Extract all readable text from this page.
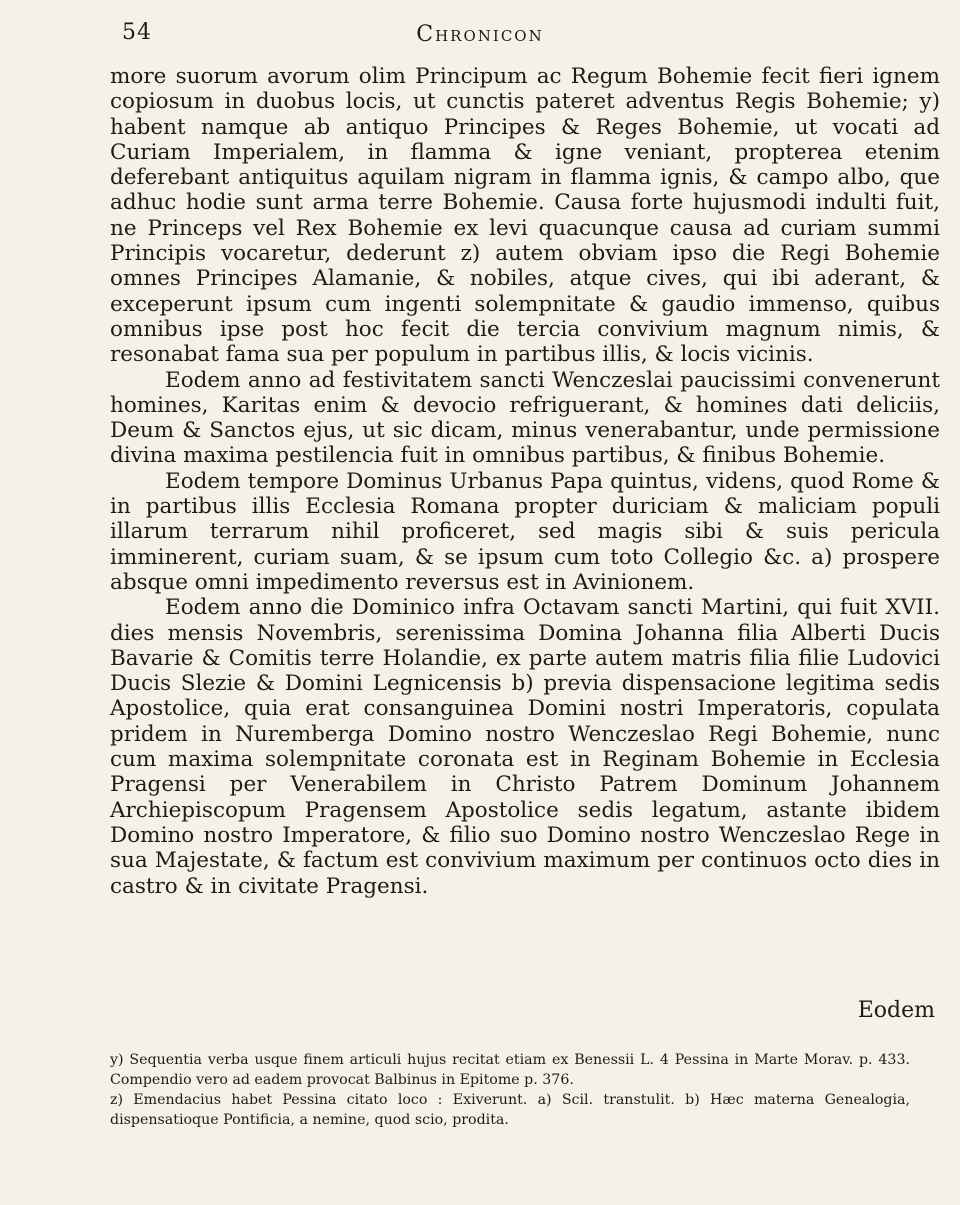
54	Chronicon

more suorum avorum olim Principum ac Regum Bohemie fecit fieri ignem copiosum in duobus locis, ut cunctis pateret adventus Regis Bohemie; y) habent namque ab antiquo Principes & Reges Bohemie, ut vocati ad Curiam Imperialem, in flamma & igne veniant, propterea etenim deferebant antiquitus aquilam nigram in flamma ignis, & campo albo, que adhuc hodie sunt arma terre Bohemie. Causa forte hujusmodi indulti fuit, ne Princeps vel Rex Bohemie ex levi quacunque causa ad curiam summi Principis vocaretur, dederunt z) autem obviam ipso die Regi Bohemie omnes Principes Alamanie, & nobiles, atque cives, qui ibi aderant, & exceperunt ipsum cum ingenti solempnitate & gaudio immenso, quibus omnibus ipse post hoc fecit die tercia convivium magnum nimis, & resonabat fama sua per populum in partibus illis, & locis vicinis.

Eodem anno ad festivitatem sancti Wenczeslai paucissimi convenerunt homines, Karitas enim & devocio refriguerant, & homines dati deliciis, Deum & Sanctos ejus, ut sic dicam, minus venerabantur, unde permissione divina maxima pestilencia fuit in omnibus partibus, & finibus Bohemie.

Eodem tempore Dominus Urbanus Papa quintus, videns, quod Rome & in partibus illis Ecclesia Romana propter duriciam & maliciam populi illarum terrarum nihil proficeret, sed magis sibi & suis pericula imminerent, curiam suam, & se ipsum cum toto Collegio &c. a) prospere absque omni impedimento reversus est in Avinionem.

Eodem anno die Dominico infra Octavam sancti Martini, qui fuit XVII. dies mensis Novembris, serenissima Domina Johanna filia Alberti Ducis Bavarie & Comitis terre Holandie, ex parte autem matris filia filie Ludovici Ducis Slezie & Domini Legnicensis b) previa dispensacione legitima sedis Apostolice, quia erat consanguinea Domini nostri Imperatoris, copulata pridem in Nuremberga Domino nostro Wenczeslao Regi Bohemie, nunc cum maxima solempnitate coronata est in Reginam Bohemie in Ecclesia Pragensi per Venerabilem in Christo Patrem Dominum Johannem Archiepiscopum Pragensem Apostolice sedis legatum, astante ibidem Domino nostro Imperatore, & filio suo Domino nostro Wenczeslao Rege in sua Majestate, & factum est convivium maximum per continuos octo dies in castro & in civitate Pragensi.

Eodem

y) Sequentia verba usque finem articuli hujus recitat etiam ex Benessii L. 4 Pessina in Marte Morav. p. 433. Compendio vero ad eadem provocat Balbinus in Epitome p. 376.

z) Emendacius habet Pessina citato loco : Exiverunt. a) Scil. transtulit. b) Hæc materna Genealogia, dispensatioque Pontificia, a nemine, quod scio, prodita.
